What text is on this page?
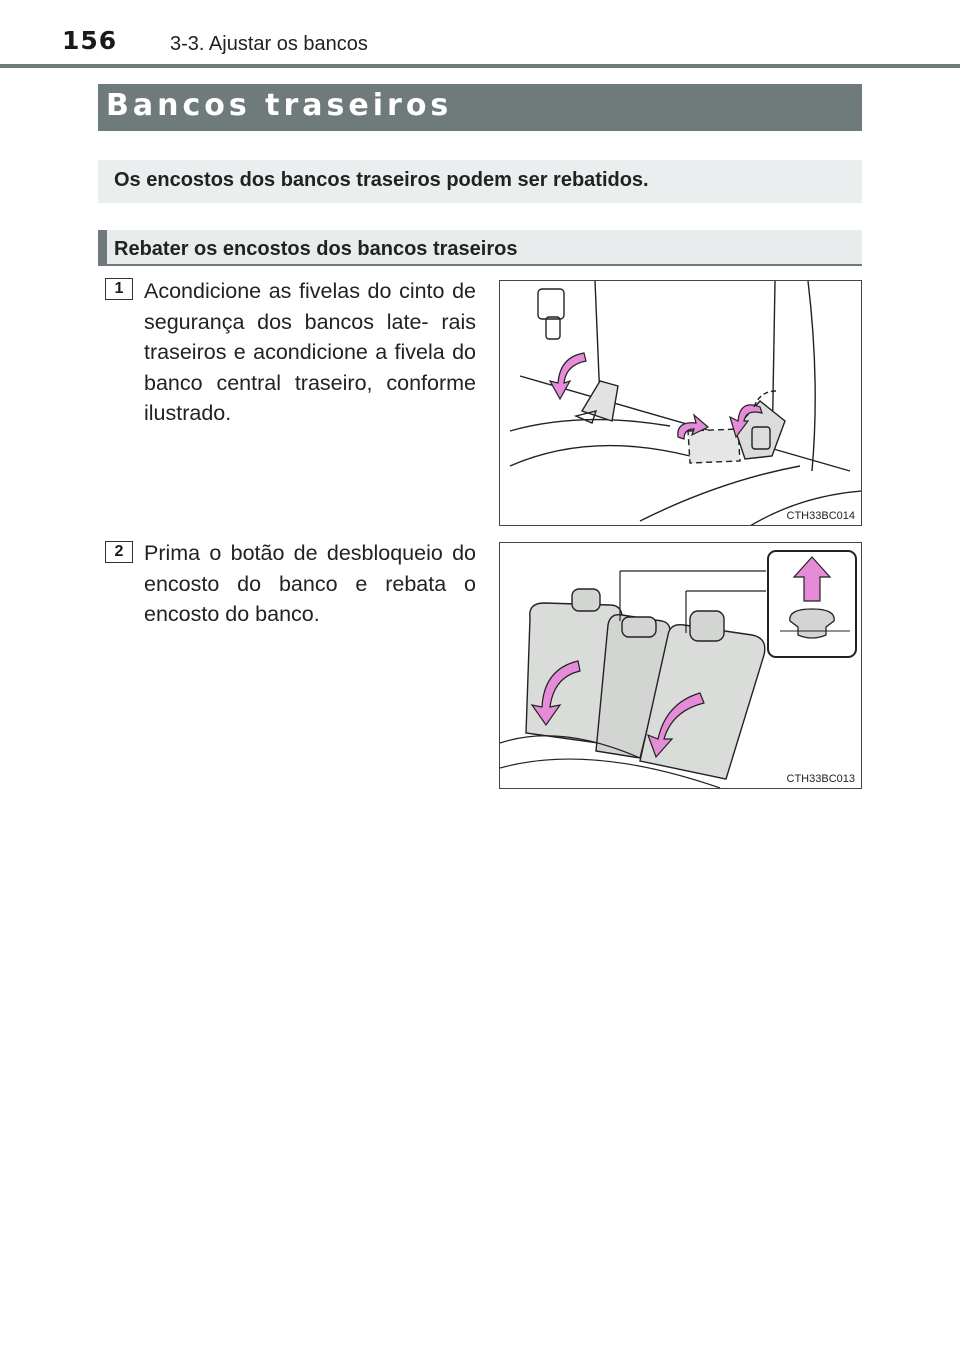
156	3-3. Ajustar os bancos
Bancos traseiros
Os encostos dos bancos traseiros podem ser rebatidos.
Rebater os encostos dos bancos traseiros
1 Acondicione as fivelas do cinto de segurança dos bancos late- rais traseiros e acondicione a fivela do banco central traseiro, conforme ilustrado.
CTH33BC014
2 Prima o botão de desbloqueio do encosto do banco e rebata o encosto do banco.
CTH33BC013
